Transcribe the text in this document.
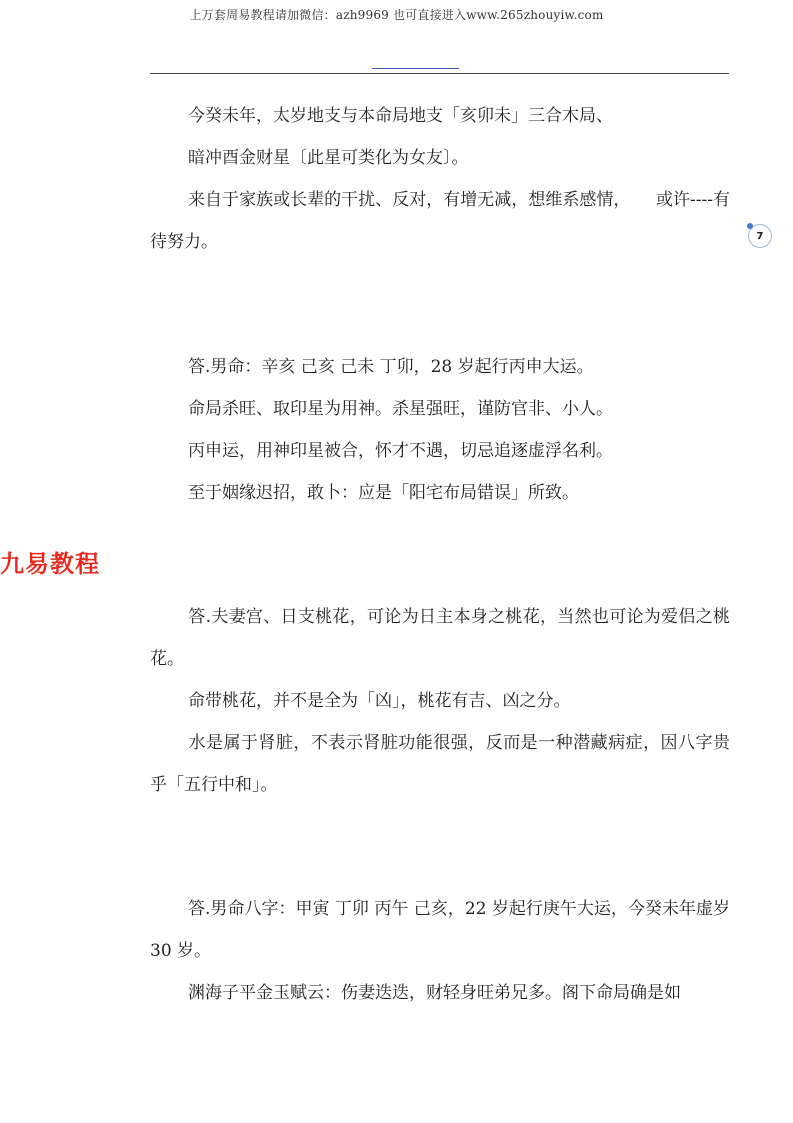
上万套周易教程请加微信：azh9969 也可直接进入www.265zhouyiw.com
7

今癸未年，太岁地支与本命局地支「亥卯未」三合木局、

暗冲酉金财星〔此星可类化为女友〕。

来自于家族或长辈的干扰、反对，有增无减，想维系感情，　　或许----有待努力。

答.男命：辛亥 己亥 己未 丁卯，28 岁起行丙申大运。

命局杀旺、取印星为用神。杀星强旺，谨防官非、小人。

丙申运，用神印星被合，怀才不遇，切忌追逐虚浮名利。

至于姻缘迟招，敢卜：应是「阳宅布局错误」所致。

九易教程

答.夫妻宫、日支桃花，可论为日主本身之桃花，当然也可论为爱侣之桃花。

命带桃花，并不是全为「凶」，桃花有吉、凶之分。

水是属于肾脏，不表示肾脏功能很强，反而是一种潜藏病症，因八字贵乎「五行中和」。

答.男命八字：甲寅 丁卯 丙午 己亥，22 岁起行庚午大运，今癸未年虚岁 30 岁。

渊海子平金玉赋云：伤妻迭迭，财轻身旺弟兄多。阁下命局确是如
